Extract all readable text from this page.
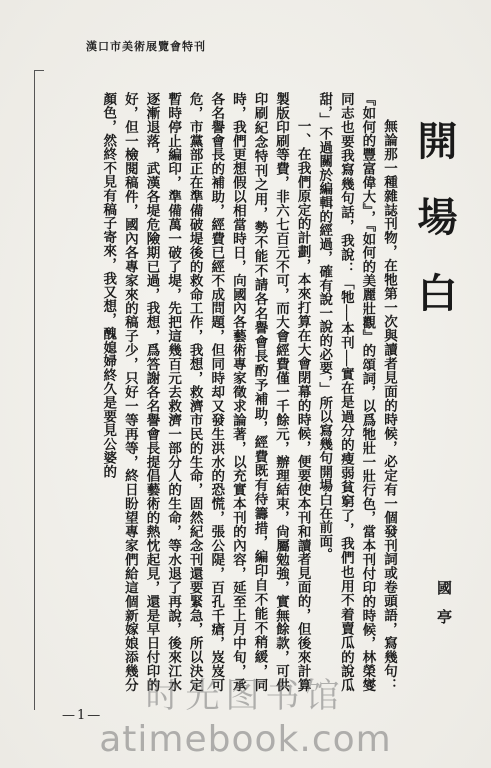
漢口市美術展覽會特刊
開場白
國亭

無論那一種雜誌刊物，在牠第一次與讀者見面的時候，必定有一個發刊詞或卷頭語，寫幾句：『如何的豐富偉大』，『如何的美麗壯觀』的頌詞，以爲牠壯一壯行色，當本刊付印的時候，林榮燮同志也要我寫幾句話，我說：「牠──本刊──實在是過分的瘦弱貧窮了，我們也用不着賣瓜的說瓜甜，」不過關於編輯的經過，確有說一說的必要，」所以寫幾句開場白在前面。

一、在我們原定的計劃，本來打算在大會閉幕的時候，便要使本刊和讀者見面的，但後來計算製版印刷等費，非六七百元不可，而大會經費僅一千餘元，辦理結束，尙屬勉強，實無餘款，可供印刷紀念特刊之用，勢不能不請各名譽會長酌予補助，經費既有待籌措，編印自不能不稍緩，同時，我們更想假以相當時日，向國內各藝術專家徵求論著，以充實本刊的內容，延至上月中旬，承各名譽會長的補助，經費已經不成問題，但同時却又發生洪水的恐慌，張公隄，百孔千瘡，岌岌可危，市黨部正在準備破堤後的救命工作，我想，救濟市民的生命，固然紀念刊還要緊急，所以決定暫時停止編印，準備萬一破了堤，先把這幾百元去救濟一部分人的生命，等水退了再說，後來江水逐漸退落，武漢各堤危險期已過，我想，爲答謝各名譽會長提倡藝術的熱忱起見，還是早日付印的好，但一檢閱稿件，國內各專家來的稿子少，只好一等再等，終日盼望專家們給這個新嫁娘添幾分顏色，然終不見有稿子寄來，我又想，醜媳婦終久是要見公婆的

—1—	时光图书馆
atimebook.com
